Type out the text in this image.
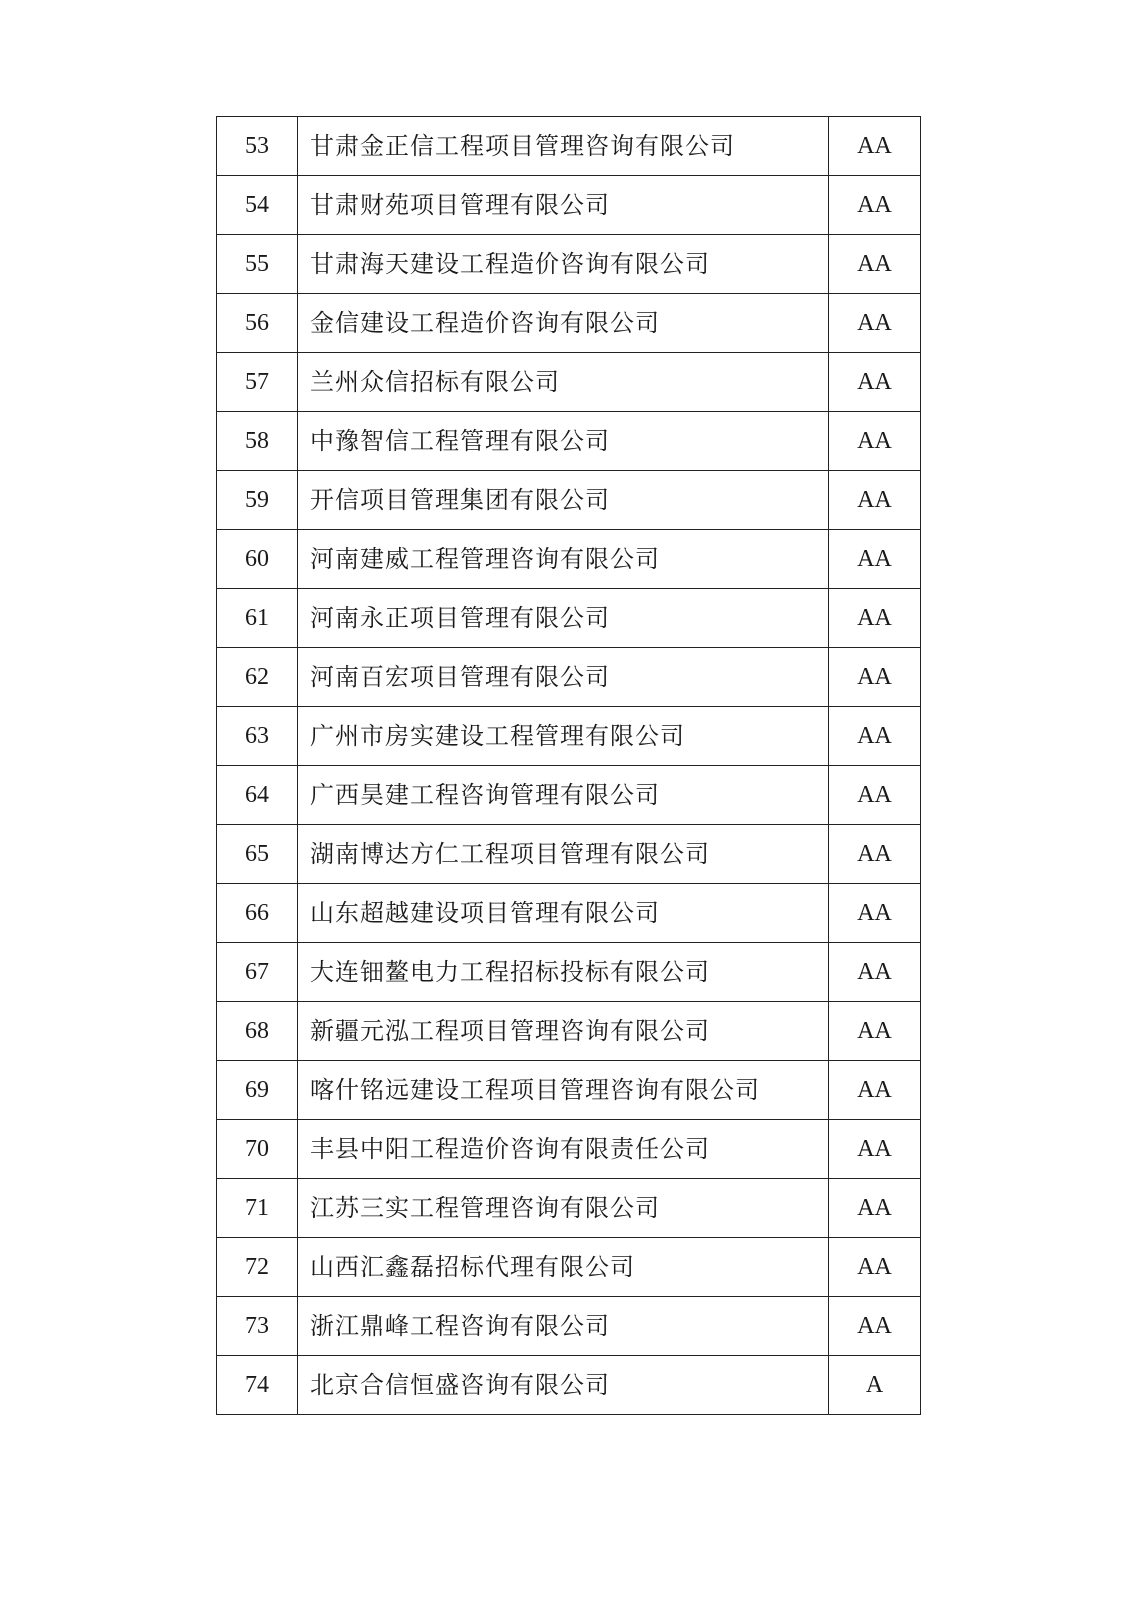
53	甘肃金正信工程项目管理咨询有限公司	AA
54	甘肃财苑项目管理有限公司	AA
55	甘肃海天建设工程造价咨询有限公司	AA
56	金信建设工程造价咨询有限公司	AA
57	兰州众信招标有限公司	AA
58	中豫智信工程管理有限公司	AA
59	开信项目管理集团有限公司	AA
60	河南建威工程管理咨询有限公司	AA
61	河南永正项目管理有限公司	AA
62	河南百宏项目管理有限公司	AA
63	广州市房实建设工程管理有限公司	AA
64	广西昊建工程咨询管理有限公司	AA
65	湖南博达方仁工程项目管理有限公司	AA
66	山东超越建设项目管理有限公司	AA
67	大连钿鳌电力工程招标投标有限公司	AA
68	新疆元泓工程项目管理咨询有限公司	AA
69	喀什铭远建设工程项目管理咨询有限公司	AA
70	丰县中阳工程造价咨询有限责任公司	AA
71	江苏三实工程管理咨询有限公司	AA
72	山西汇鑫磊招标代理有限公司	AA
73	浙江鼎峰工程咨询有限公司	AA
74	北京合信恒盛咨询有限公司	A
